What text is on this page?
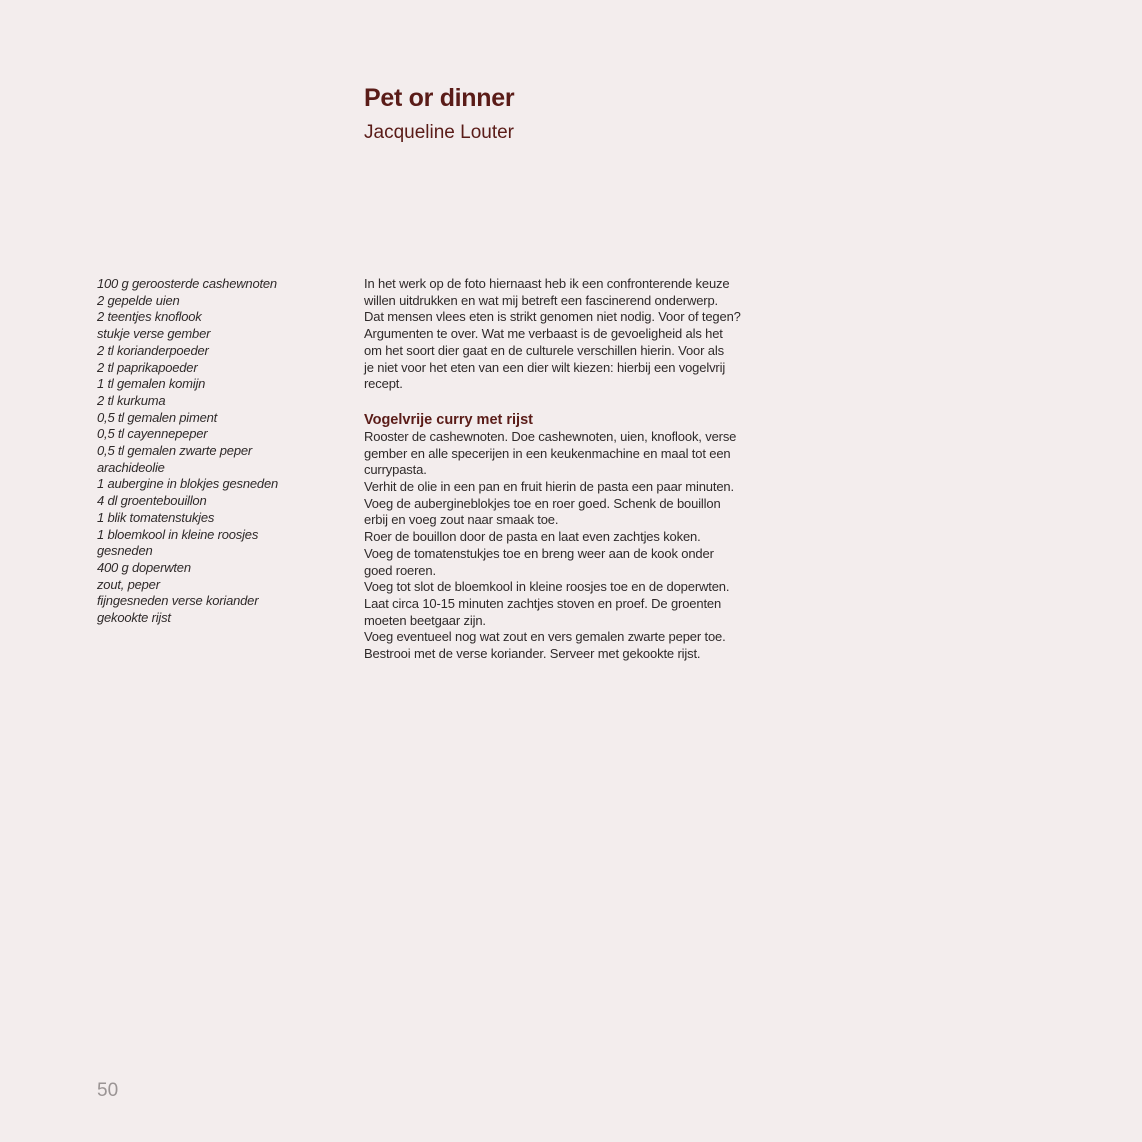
Pet or dinner
Jacqueline Louter
100 g geroosterde cashewnoten
2 gepelde uien
2 teentjes knoflook
stukje verse gember
2 tl korianderpoeder
2 tl paprikapoeder
1 tl gemalen komijn
2 tl kurkuma
0,5 tl gemalen piment
0,5 tl cayennepeper
0,5 tl gemalen zwarte peper
arachideolie
1 aubergine in blokjes gesneden
4 dl groentebouillon
1 blik tomatenstukjes
1 bloemkool in kleine roosjes
gesneden
400 g doperwten
zout, peper
fijngesneden verse koriander
gekookte rijst

In het werk op de foto hiernaast heb ik een confronterende keuze
willen uitdrukken en wat mij betreft een fascinerend onderwerp.
Dat mensen vlees eten is strikt genomen niet nodig. Voor of tegen?
Argumenten te over. Wat me verbaast is de gevoeligheid als het
om het soort dier gaat en de culturele verschillen hierin. Voor als
je niet voor het eten van een dier wilt kiezen: hierbij een vogelvrij
recept.

Vogelvrije curry met rijst

Rooster de cashewnoten. Doe cashewnoten, uien, knoflook, verse
gember en alle specerijen in een keukenmachine en maal tot een
currypasta.
Verhit de olie in een pan en fruit hierin de pasta een paar minuten.
Voeg de auberginеblokjes toe en roer goed. Schenk de bouillon
erbij en voeg zout naar smaak toe.
Roer de bouillon door de pasta en laat even zachtjes koken.
Voeg de tomatenstukjes toe en breng weer aan de kook onder
goed roeren.
Voeg tot slot de bloemkool in kleine roosjes toe en de doperwten.
Laat circa 10-15 minuten zachtjes stoven en proef. De groenten
moeten beetgaar zijn.
Voeg eventueel nog wat zout en vers gemalen zwarte peper toe.
Bestrooi met de verse koriander. Serveer met gekookte rijst.

50
